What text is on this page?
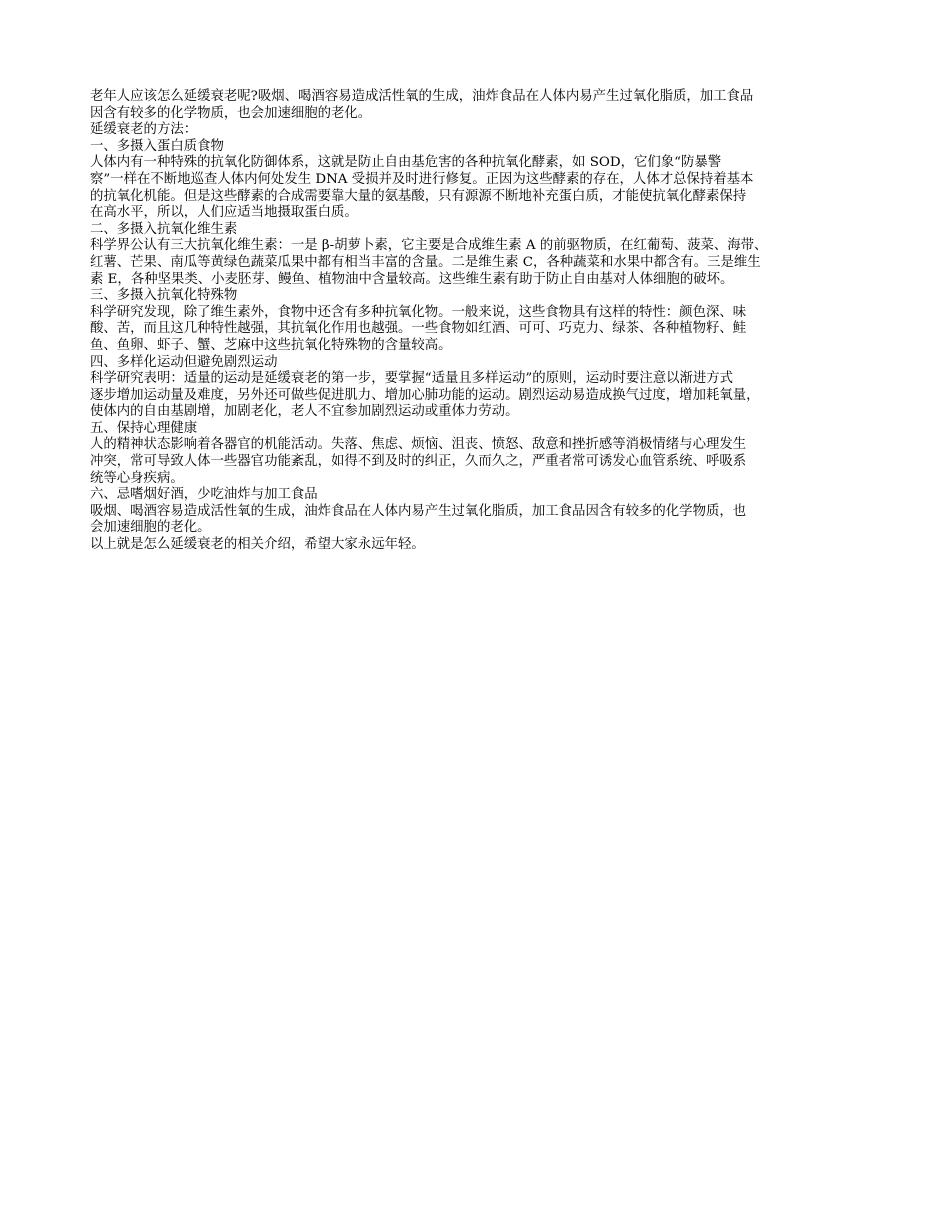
老年人应该怎么延缓衰老呢?吸烟、喝酒容易造成活性氧的生成，油炸食品在人体内易产生过氧化脂质，加工食品
因含有较多的化学物质，也会加速细胞的老化。
延缓衰老的方法：
一、多摄入蛋白质食物
人体内有一种特殊的抗氧化防御体系，这就是防止自由基危害的各种抗氧化酵素，如 SOD，它们象“防暴警
察”一样在不断地巡查人体内何处发生 DNA 受损并及时进行修复。正因为这些酵素的存在，人体才总保持着基本
的抗氧化机能。但是这些酵素的合成需要靠大量的氨基酸，只有源源不断地补充蛋白质，才能使抗氧化酵素保持
在高水平，所以，人们应适当地摄取蛋白质。
二、多摄入抗氧化维生素
科学界公认有三大抗氧化维生素：一是 β-胡萝卜素，它主要是合成维生素 A 的前驱物质，在红葡萄、菠菜、海带、
红薯、芒果、南瓜等黄绿色蔬菜瓜果中都有相当丰富的含量。二是维生素 C，各种蔬菜和水果中都含有。三是维生
素 E，各种坚果类、小麦胚芽、鳗鱼、植物油中含量较高。这些维生素有助于防止自由基对人体细胞的破坏。
三、多摄入抗氧化特殊物
科学研究发现，除了维生素外，食物中还含有多种抗氧化物。一般来说，这些食物具有这样的特性：颜色深、味
酸、苦，而且这几种特性越强，其抗氧化作用也越强。一些食物如红酒、可可、巧克力、绿茶、各种植物籽、鲑
鱼、鱼卵、虾子、蟹、芝麻中这些抗氧化特殊物的含量较高。
四、多样化运动但避免剧烈运动
科学研究表明：适量的运动是延缓衰老的第一步，要掌握“适量且多样运动”的原则，运动时要注意以渐进方式
逐步增加运动量及难度，另外还可做些促进肌力、增加心肺功能的运动。剧烈运动易造成换气过度，增加耗氧量，
使体内的自由基剧增，加剧老化，老人不宜参加剧烈运动或重体力劳动。
五、保持心理健康
人的精神状态影响着各器官的机能活动。失落、焦虑、烦恼、沮丧、愤怒、敌意和挫折感等消极情绪与心理发生
冲突，常可导致人体一些器官功能紊乱，如得不到及时的纠正，久而久之，严重者常可诱发心血管系统、呼吸系
统等心身疾病。
六、忌嗜烟好酒，少吃油炸与加工食品
吸烟、喝酒容易造成活性氧的生成，油炸食品在人体内易产生过氧化脂质，加工食品因含有较多的化学物质，也
会加速细胞的老化。
以上就是怎么延缓衰老的相关介绍，希望大家永远年轻。
